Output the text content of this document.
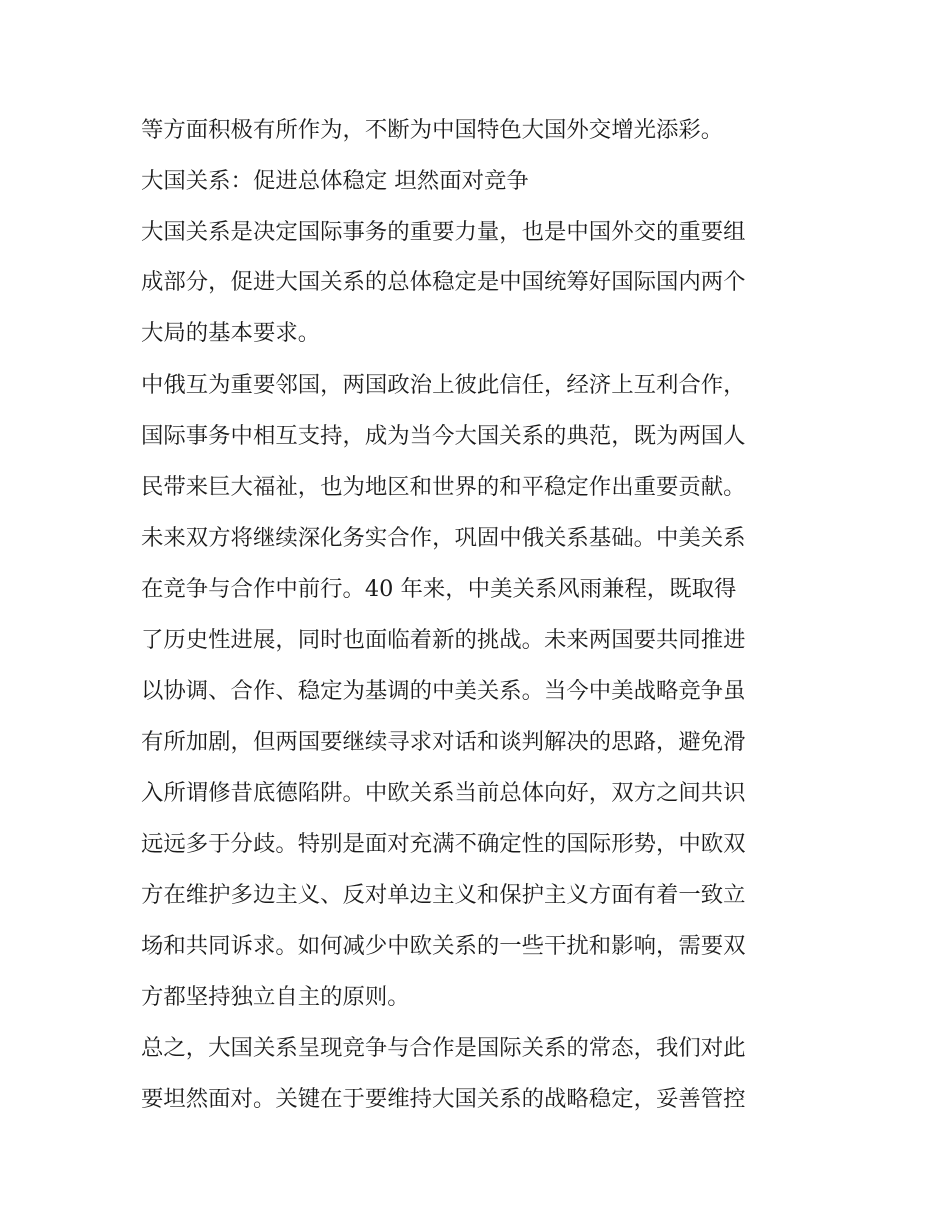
等方面积极有所作为，不断为中国特色大国外交增光添彩。
大国关系：促进总体稳定 坦然面对竞争
大国关系是决定国际事务的重要力量，也是中国外交的重要组
成部分，促进大国关系的总体稳定是中国统筹好国际国内两个
大局的基本要求。
中俄互为重要邻国，两国政治上彼此信任，经济上互利合作，
国际事务中相互支持，成为当今大国关系的典范，既为两国人
民带来巨大福祉，也为地区和世界的和平稳定作出重要贡献。
未来双方将继续深化务实合作，巩固中俄关系基础。中美关系
在竞争与合作中前行。40 年来，中美关系风雨兼程，既取得
了历史性进展，同时也面临着新的挑战。未来两国要共同推进
以协调、合作、稳定为基调的中美关系。当今中美战略竞争虽
有所加剧，但两国要继续寻求对话和谈判解决的思路，避免滑
入所谓修昔底德陷阱。中欧关系当前总体向好，双方之间共识
远远多于分歧。特别是面对充满不确定性的国际形势，中欧双
方在维护多边主义、反对单边主义和保护主义方面有着一致立
场和共同诉求。如何减少中欧关系的一些干扰和影响，需要双
方都坚持独立自主的原则。
总之，大国关系呈现竞争与合作是国际关系的常态，我们对此
要坦然面对。关键在于要维持大国关系的战略稳定，妥善管控
